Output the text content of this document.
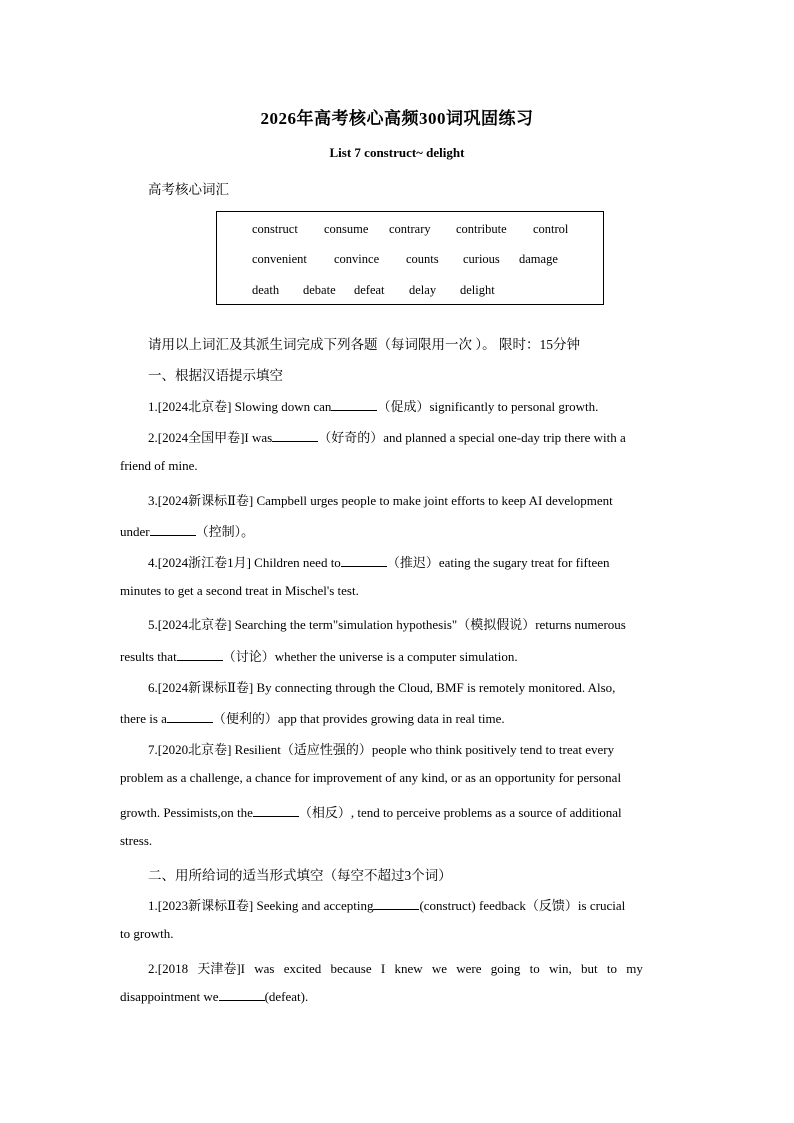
2026年高考核心高频300词巩固练习
List 7 construct~ delight
高考核心词汇
construct consume contrary contribute control
convenient convince counts curious damage
death debate defeat delay delight
请用以上词汇及其派生词完成下列各题（每词限用一次 ）。 限时：15分钟
一、根据汉语提示填空
1.[2024北京卷] Slowing down can	（促成）significantly to personal growth.
2.[2024全国甲卷]I was	（好奇的）and planned a special one-day trip there with a
friend of mine.
3.[2024新课标Ⅱ卷] Campbell urges people to make joint efforts to keep AI development
under	（控制）。
4.[2024浙江卷1月] Children need to	（推迟）eating the sugary treat for fifteen
minutes to get a second treat in Mischel's test.
5.[2024北京卷] Searching the term"simulation hypothesis"（模拟假说）returns numerous
results that	（讨论）whether the universe is a computer simulation.
6.[2024新课标Ⅱ卷] By connecting through the Cloud, BMF is remotely monitored. Also,
there is a	（便利的）app that provides growing data in real time.
7.[2020北京卷] Resilient（适应性强的）people who think positively tend to treat every
problem as a challenge, a chance for improvement of any kind, or as an opportunity for personal
growth. Pessimists,on the	（相反）, tend to perceive problems as a source of additional
stress.
二、用所给词的适当形式填空（每空不超过3个词）
1.[2023新课标Ⅱ卷] Seeking and accepting	(construct) feedback（反馈）is crucial
to growth.
2.[2018 天津卷]I was excited because I knew we were going to win, but to my
disappointment we	(defeat).
